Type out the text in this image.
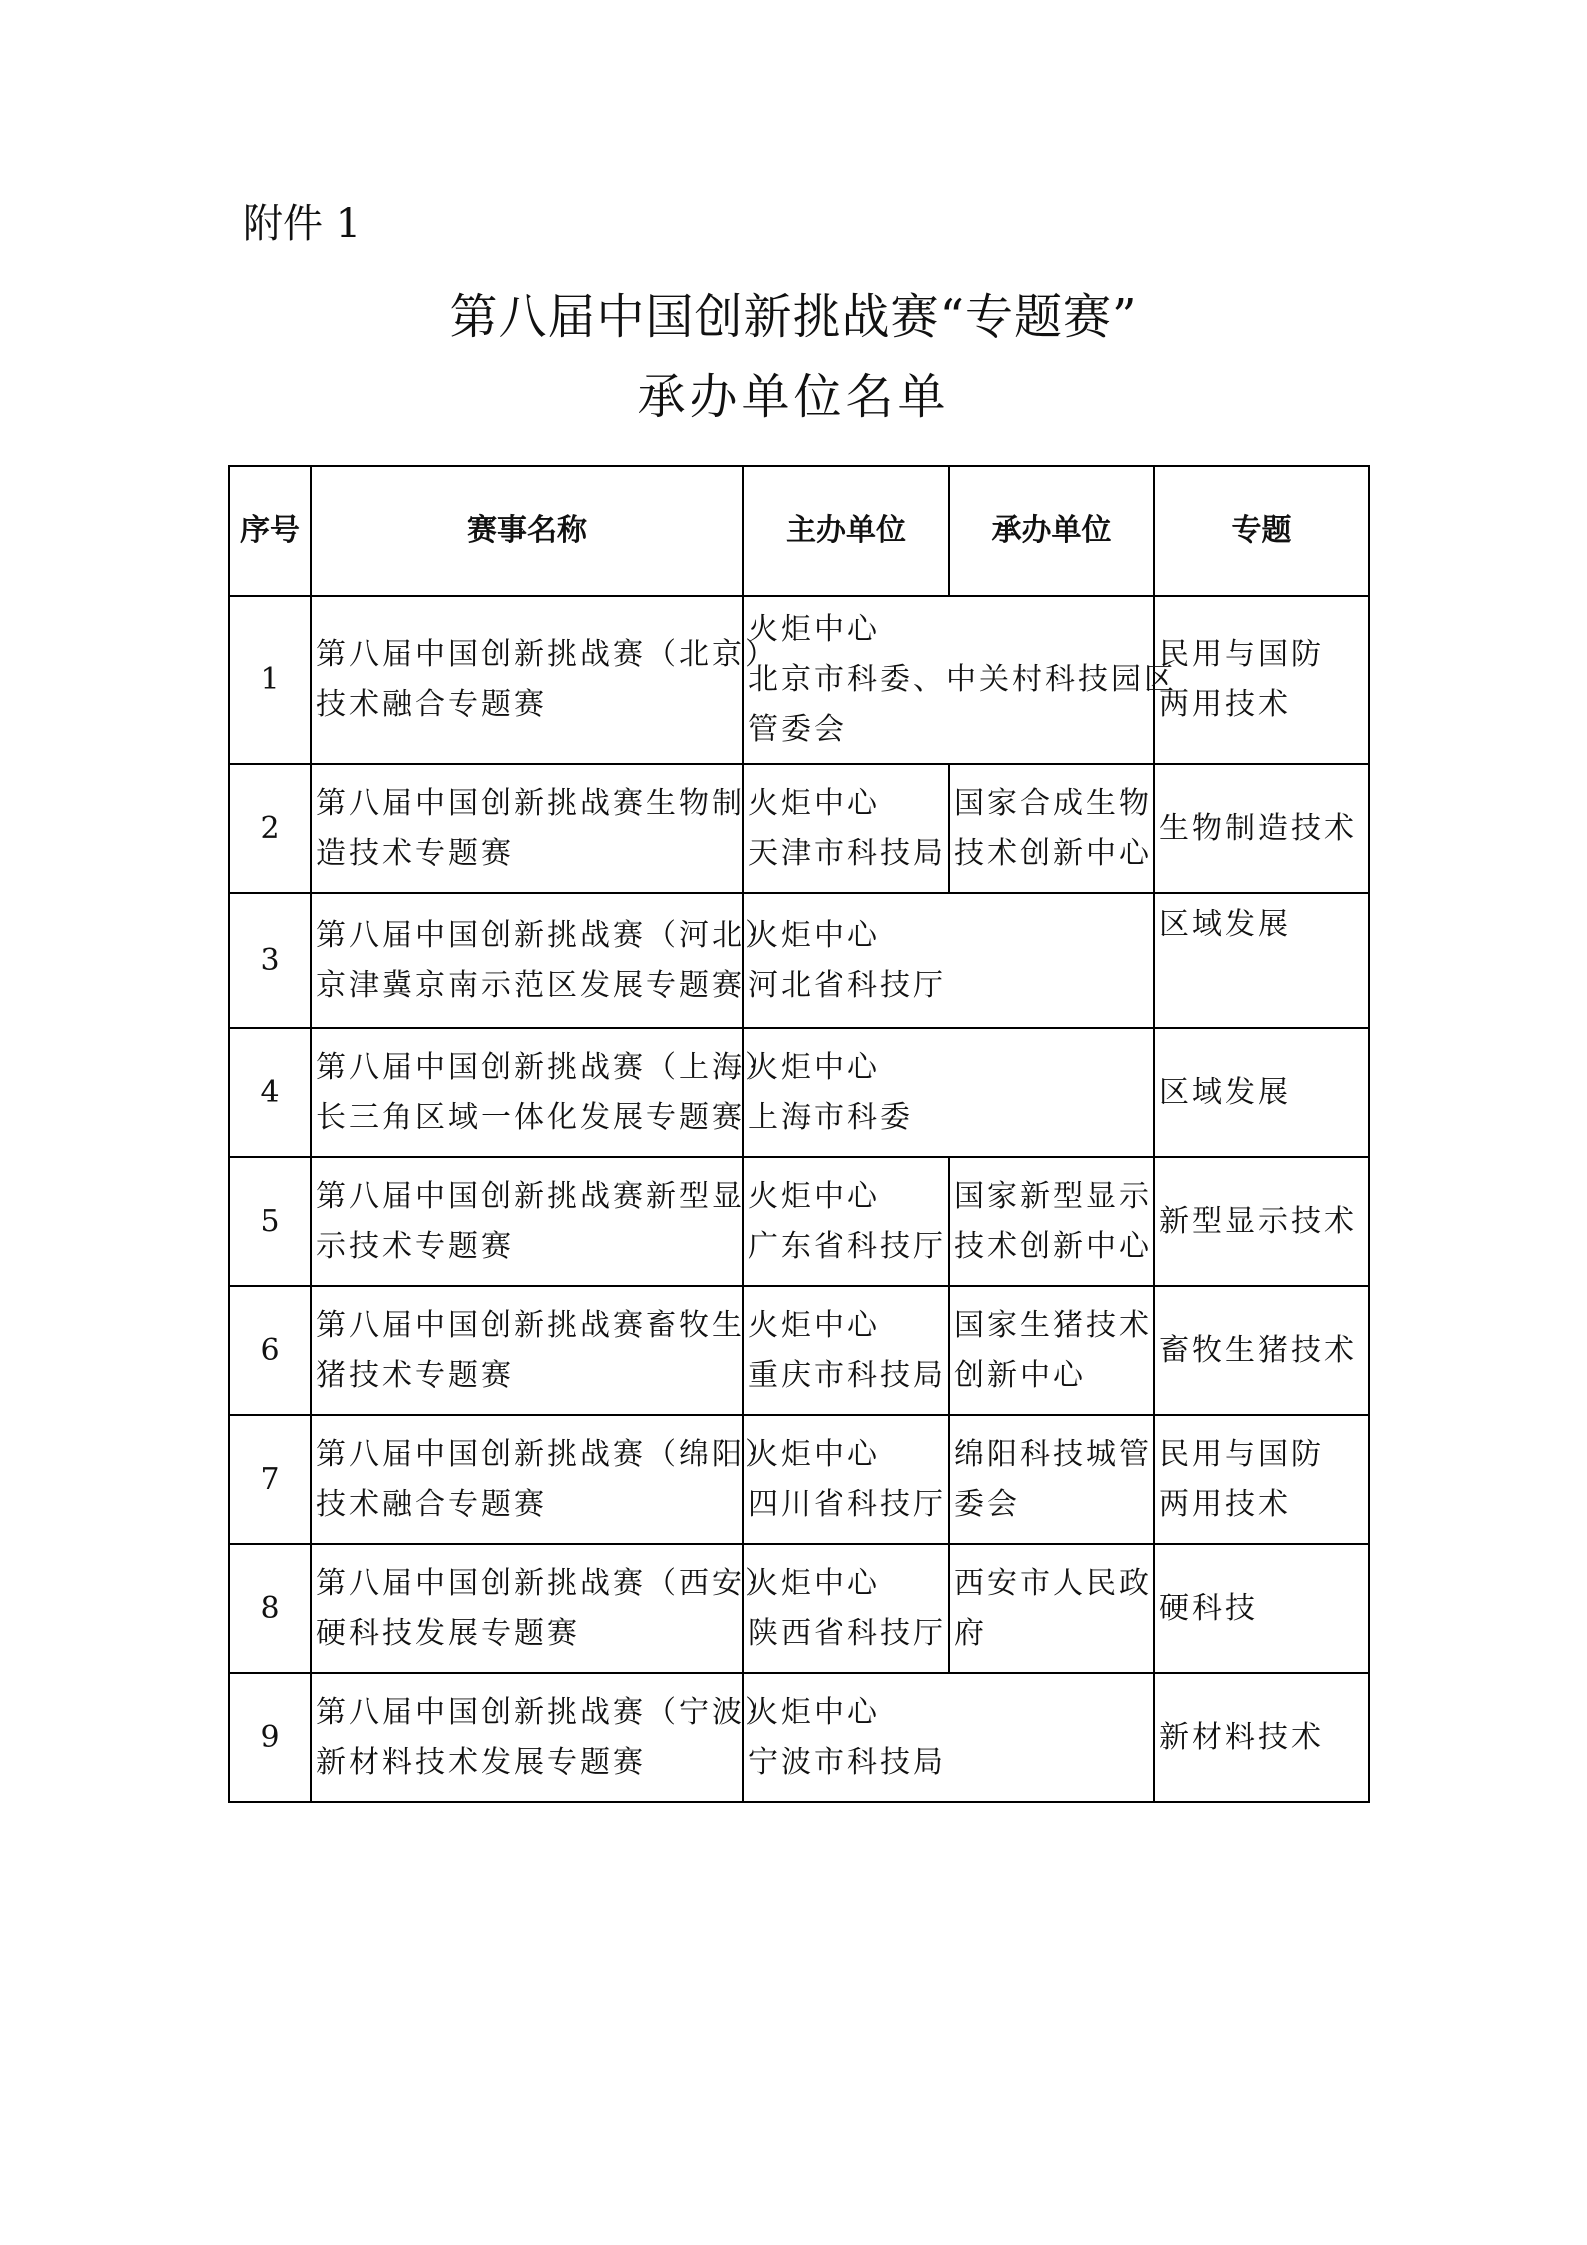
附件 1
第八届中国创新挑战赛“专题赛”
承办单位名单
序号	赛事名称	主办单位	承办单位	专题
1	第八届中国创新挑战赛（北京）
技术融合专题赛	火炬中心
北京市科委、中关村科技园区
管委会		民用与国防
两用技术

2	第八届中国创新挑战赛生物制
造技术专题赛	火炬中心
天津市科技局	国家合成生物
技术创新中心	生物制造技术

3	第八届中国创新挑战赛（河北）
京津冀京南示范区发展专题赛	火炬中心
河北省科技厅		区域发展

4	第八届中国创新挑战赛（上海）
长三角区域一体化发展专题赛	火炬中心
上海市科委		区域发展

5	第八届中国创新挑战赛新型显
示技术专题赛	火炬中心
广东省科技厅	国家新型显示
技术创新中心	新型显示技术

6	第八届中国创新挑战赛畜牧生
猪技术专题赛	火炬中心
重庆市科技局	国家生猪技术
创新中心	畜牧生猪技术

7	第八届中国创新挑战赛（绵阳）
技术融合专题赛	火炬中心
四川省科技厅	绵阳科技城管
委会	民用与国防
两用技术

8	第八届中国创新挑战赛（西安）
硬科技发展专题赛	火炬中心
陕西省科技厅	西安市人民政
府	硬科技

9	第八届中国创新挑战赛（宁波）
新材料技术发展专题赛	火炬中心
宁波市科技局		新材料技术
